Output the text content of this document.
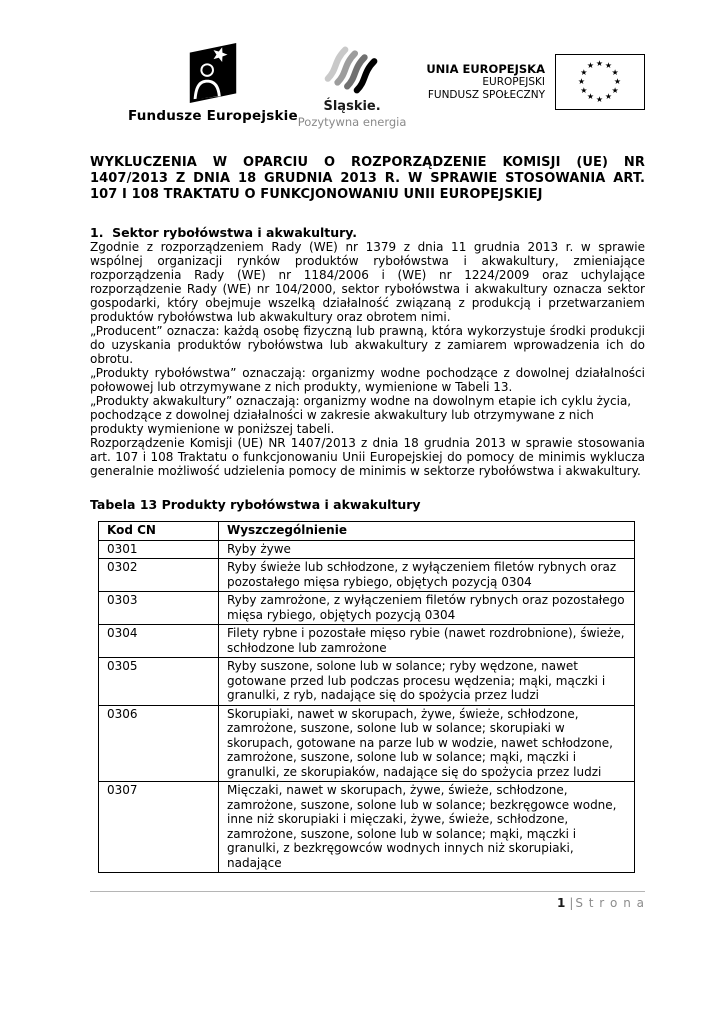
Fundusze Europejskie
Śląskie.
Pozytywna energia
UNIA EUROPEJSKA
EUROPEJSKI
FUNDUSZ SPOŁECZNY
★ ★
★
★
★
★
★
★
★
★
★
★
WYKLUCZENIA W OPARCIU O ROZPORZĄDZENIE KOMISJI (UE) NR 1407/2013 Z DNIA 18 GRUDNIA 2013 R. W SPRAWIE STOSOWANIA ART. 107 I 108 TRAKTATU O FUNKCJONOWANIU UNII EUROPEJSKIEJ
1.  Sektor rybołówstwa i akwakultury.

Zgodnie z rozporządzeniem Rady (WE) nr 1379 z dnia 11 grudnia 2013 r. w sprawie wspólnej organizacji rynków produktów rybołówstwa i akwakultury, zmieniające rozporządzenia Rady (WE) nr 1184/2006 i (WE) nr 1224/2009 oraz uchylające rozporządzenie Rady (WE) nr 104/2000, sektor rybołówstwa i akwakultury oznacza sektor gospodarki, który obejmuje wszelką działalność związaną z produkcją i przetwarzaniem produktów rybołówstwa lub akwakultury oraz obrotem nimi.

„Producent” oznacza: każdą osobę fizyczną lub prawną, która wykorzystuje środki produkcji do uzyskania produktów rybołówstwa lub akwakultury z zamiarem wprowadzenia ich do obrotu.

„Produkty rybołówstwa” oznaczają: organizmy wodne pochodzące z dowolnej działalności połowowej lub otrzymywane z nich produkty, wymienione w Tabeli 13.

„Produkty akwakultury” oznaczają: organizmy wodne na dowolnym etapie ich cyklu życia, pochodzące z dowolnej działalności w zakresie akwakultury lub otrzymywane z nich produkty wymienione w poniższej tabeli.

Rozporządzenie Komisji (UE) NR 1407/2013 z dnia 18 grudnia 2013 w sprawie stosowania art. 107 i 108 Traktatu o funkcjonowaniu Unii Europejskiej do pomocy de minimis wyklucza generalnie możliwość udzielenia pomocy de minimis w sektorze rybołówstwa i akwakultury.

Tabela 13 Produkty rybołówstwa i akwakultury
Kod CN	Wyszczególnienie
0301	Ryby żywe
0302	Ryby świeże lub schłodzone, z wyłączeniem filetów rybnych oraz pozostałego mięsa rybiego, objętych pozycją 0304
0303	Ryby zamrożone, z wyłączeniem filetów rybnych oraz pozostałego mięsa rybiego, objętych pozycją 0304
0304	Filety rybne i pozostałe mięso rybie (nawet rozdrobnione), świeże, schłodzone lub zamrożone
0305	Ryby suszone, solone lub w solance; ryby wędzone, nawet gotowane przed lub podczas procesu wędzenia; mąki, mączki i granulki, z ryb, nadające się do spożycia przez ludzi
0306	Skorupiaki, nawet w skorupach, żywe, świeże, schłodzone, zamrożone, suszone, solone lub w solance; skorupiaki w skorupach, gotowane na parze lub w wodzie, nawet schłodzone, zamrożone, suszone, solone lub w solance; mąki, mączki i granulki, ze skorupiaków, nadające się do spożycia przez ludzi
0307	Mięczaki, nawet w skorupach, żywe, świeże, schłodzone, zamrożone, suszone, solone lub w solance; bezkręgowce wodne, inne niż skorupiaki i mięczaki, żywe, świeże, schłodzone, zamrożone, suszone, solone lub w solance; mąki, mączki i granulki, z bezkręgowców wodnych innych niż skorupiaki, nadające
1 | S t r o n a
